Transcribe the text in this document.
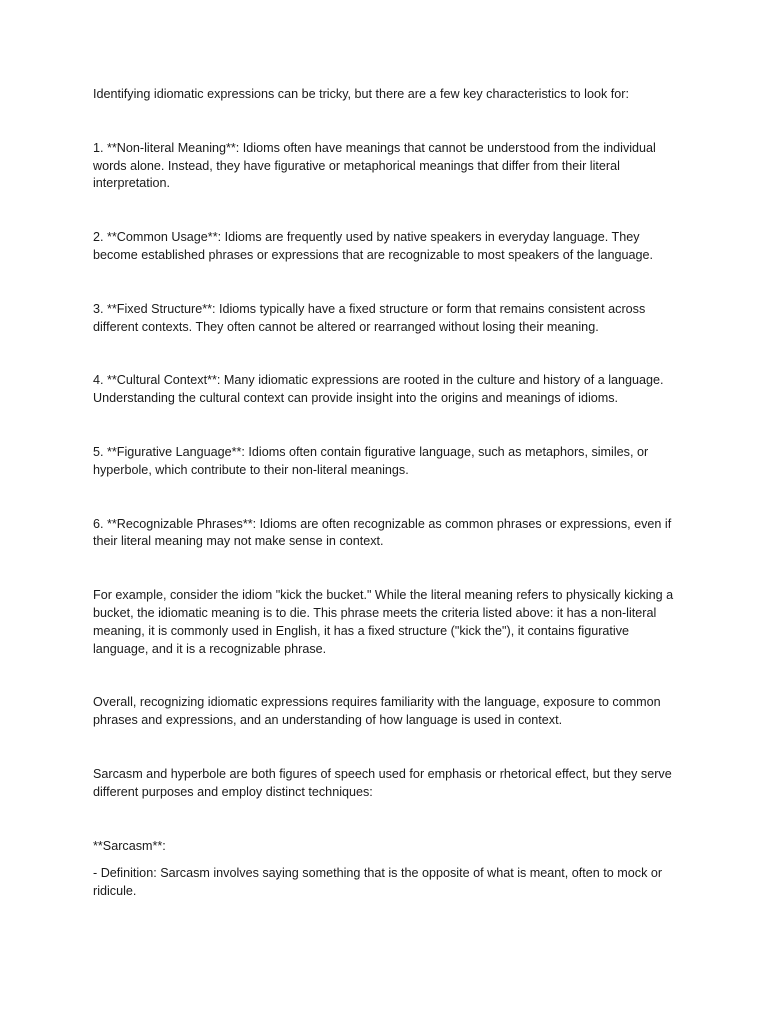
Identifying idiomatic expressions can be tricky, but there are a few key characteristics to look for:

1. **Non-literal Meaning**: Idioms often have meanings that cannot be understood from the individual words alone. Instead, they have figurative or metaphorical meanings that differ from their literal interpretation.

2. **Common Usage**: Idioms are frequently used by native speakers in everyday language. They become established phrases or expressions that are recognizable to most speakers of the language.

3. **Fixed Structure**: Idioms typically have a fixed structure or form that remains consistent across different contexts. They often cannot be altered or rearranged without losing their meaning.

4. **Cultural Context**: Many idiomatic expressions are rooted in the culture and history of a language. Understanding the cultural context can provide insight into the origins and meanings of idioms.

5. **Figurative Language**: Idioms often contain figurative language, such as metaphors, similes, or hyperbole, which contribute to their non-literal meanings.

6. **Recognizable Phrases**: Idioms are often recognizable as common phrases or expressions, even if their literal meaning may not make sense in context.

For example, consider the idiom "kick the bucket." While the literal meaning refers to physically kicking a bucket, the idiomatic meaning is to die. This phrase meets the criteria listed above: it has a non-literal meaning, it is commonly used in English, it has a fixed structure ("kick the"), it contains figurative language, and it is a recognizable phrase.

Overall, recognizing idiomatic expressions requires familiarity with the language, exposure to common phrases and expressions, and an understanding of how language is used in context.

Sarcasm and hyperbole are both figures of speech used for emphasis or rhetorical effect, but they serve different purposes and employ distinct techniques:

**Sarcasm**:

- Definition: Sarcasm involves saying something that is the opposite of what is meant, often to mock or ridicule.
